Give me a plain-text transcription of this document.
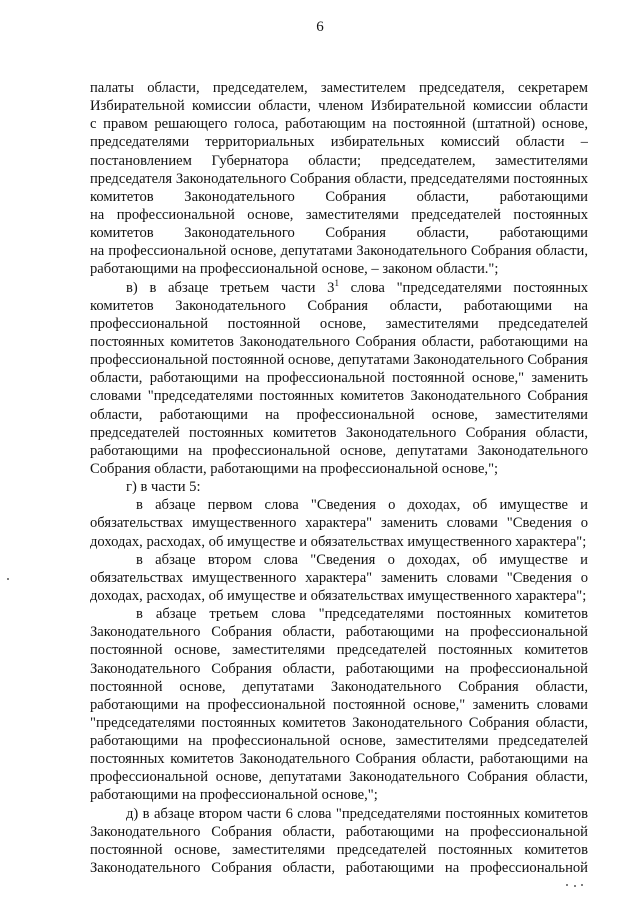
6
палаты области, председателем, заместителем председателя, секретарем
Избирательной комиссии области, членом Избирательной комиссии области
с правом решающего голоса, работающим на постоянной (штатной) основе,
председателями территориальных избирательных комиссий области –
постановлением Губернатора области; председателем, заместителями
председателя Законодательного Собрания области, председателями постоянных
комитетов Законодательного Собрания области, работающими
на профессиональной основе, заместителями председателей постоянных
комитетов Законодательного Собрания области, работающими
на профессиональной основе, депутатами Законодательного Собрания области,
работающими на профессиональной основе, – законом области.";
в) в абзаце третьем части $3^1$ слова "председателями постоянных
комитетов Законодательного Собрания области, работающими на
профессиональной постоянной основе, заместителями председателей
постоянных комитетов Законодательного Собрания области, работающими на
профессиональной постоянной основе, депутатами Законодательного Собрания
области, работающими на профессиональной постоянной основе," заменить
словами "председателями постоянных комитетов Законодательного Собрания
области, работающими на профессиональной основе, заместителями
председателей постоянных комитетов Законодательного Собрания области,
работающими на профессиональной основе, депутатами Законодательного
Собрания области, работающими на профессиональной основе,";
г) в части 5:
в абзаце первом слова "Сведения о доходах, об имуществе и
обязательствах имущественного характера" заменить словами "Сведения о
доходах, расходах, об имуществе и обязательствах имущественного характера";
в абзаце втором слова "Сведения о доходах, об имуществе и
обязательствах имущественного характера" заменить словами "Сведения о
доходах, расходах, об имуществе и обязательствах имущественного характера";
в абзаце третьем слова "председателями постоянных комитетов
Законодательного Собрания области, работающими на профессиональной
постоянной основе, заместителями председателей постоянных комитетов
Законодательного Собрания области, работающими на профессиональной
постоянной основе, депутатами Законодательного Собрания области,
работающими на профессиональной постоянной основе," заменить словами
"председателями постоянных комитетов Законодательного Собрания области,
работающими на профессиональной основе, заместителями председателей
постоянных комитетов Законодательного Собрания области, работающими на
профессиональной основе, депутатами Законодательного Собрания области,
работающими на профессиональной основе,";
д) в абзаце втором части 6 слова "председателями постоянных комитетов
Законодательного Собрания области, работающими на профессиональной
постоянной основе, заместителями председателей постоянных комитетов
Законодательного Собрания области, работающими на профессиональной
